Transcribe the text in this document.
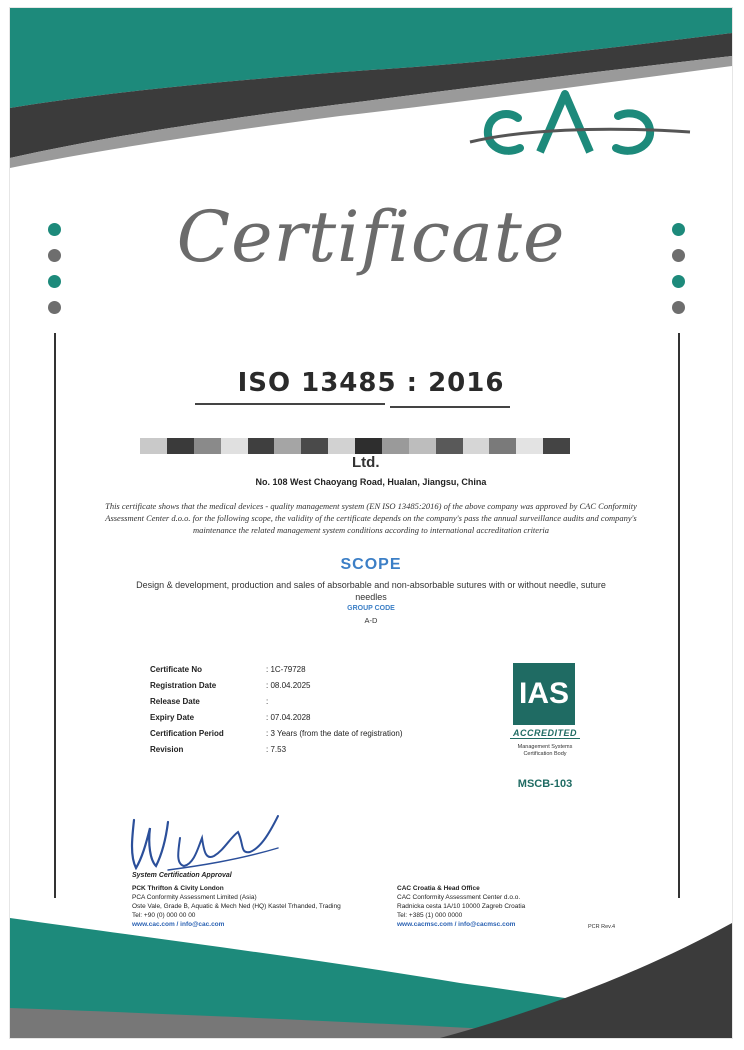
Certificate
ISO 13485 : 2016
Ltd.
No. 108 West Chaoyang Road, Hualan, Jiangsu, China
This certificate shows that the medical devices - quality management system (EN ISO 13485:2016) of the above company was approved by CAC Conformity Assessment Center d.o.o. for the following scope, the validity of the certificate depends on the company's pass the annual surveillance audits and company's maintenance the related management system conditions according to international accreditation criteria
SCOPE
Design & development, production and sales of absorbable and non-absorbable sutures with or without needle, suture needles
GROUP CODE
A-D
Certificate No	: 1C-79728
Registration Date	: 08.04.2025
Release Date	:
Expiry Date	: 07.04.2028
Certification Period	: 3 Years (from the date of registration)
Revision	: 7.53
IAS
ACCREDITED
Management Systems Certification Body
MSCB-103
System Certification Approval
PCK Thrifton & Civity London
PCA Conformity Assessment Limited (Asia)
Oste Vale, Grade B, Aquatic & Mech Ned (HQ) Kastel Trhanded, Trading
Tel: +90 (0) 000 00 00
www.cac.com / info@cac.com
CAC Croatia & Head Office
CAC Conformity Assessment Center d.o.o.
Radnicka cesta 1A/10 10000 Zagreb Croatia
Tel: +385 (1) 000 0000
www.cacmsc.com / info@cacmsc.com	PCR Rev.4
